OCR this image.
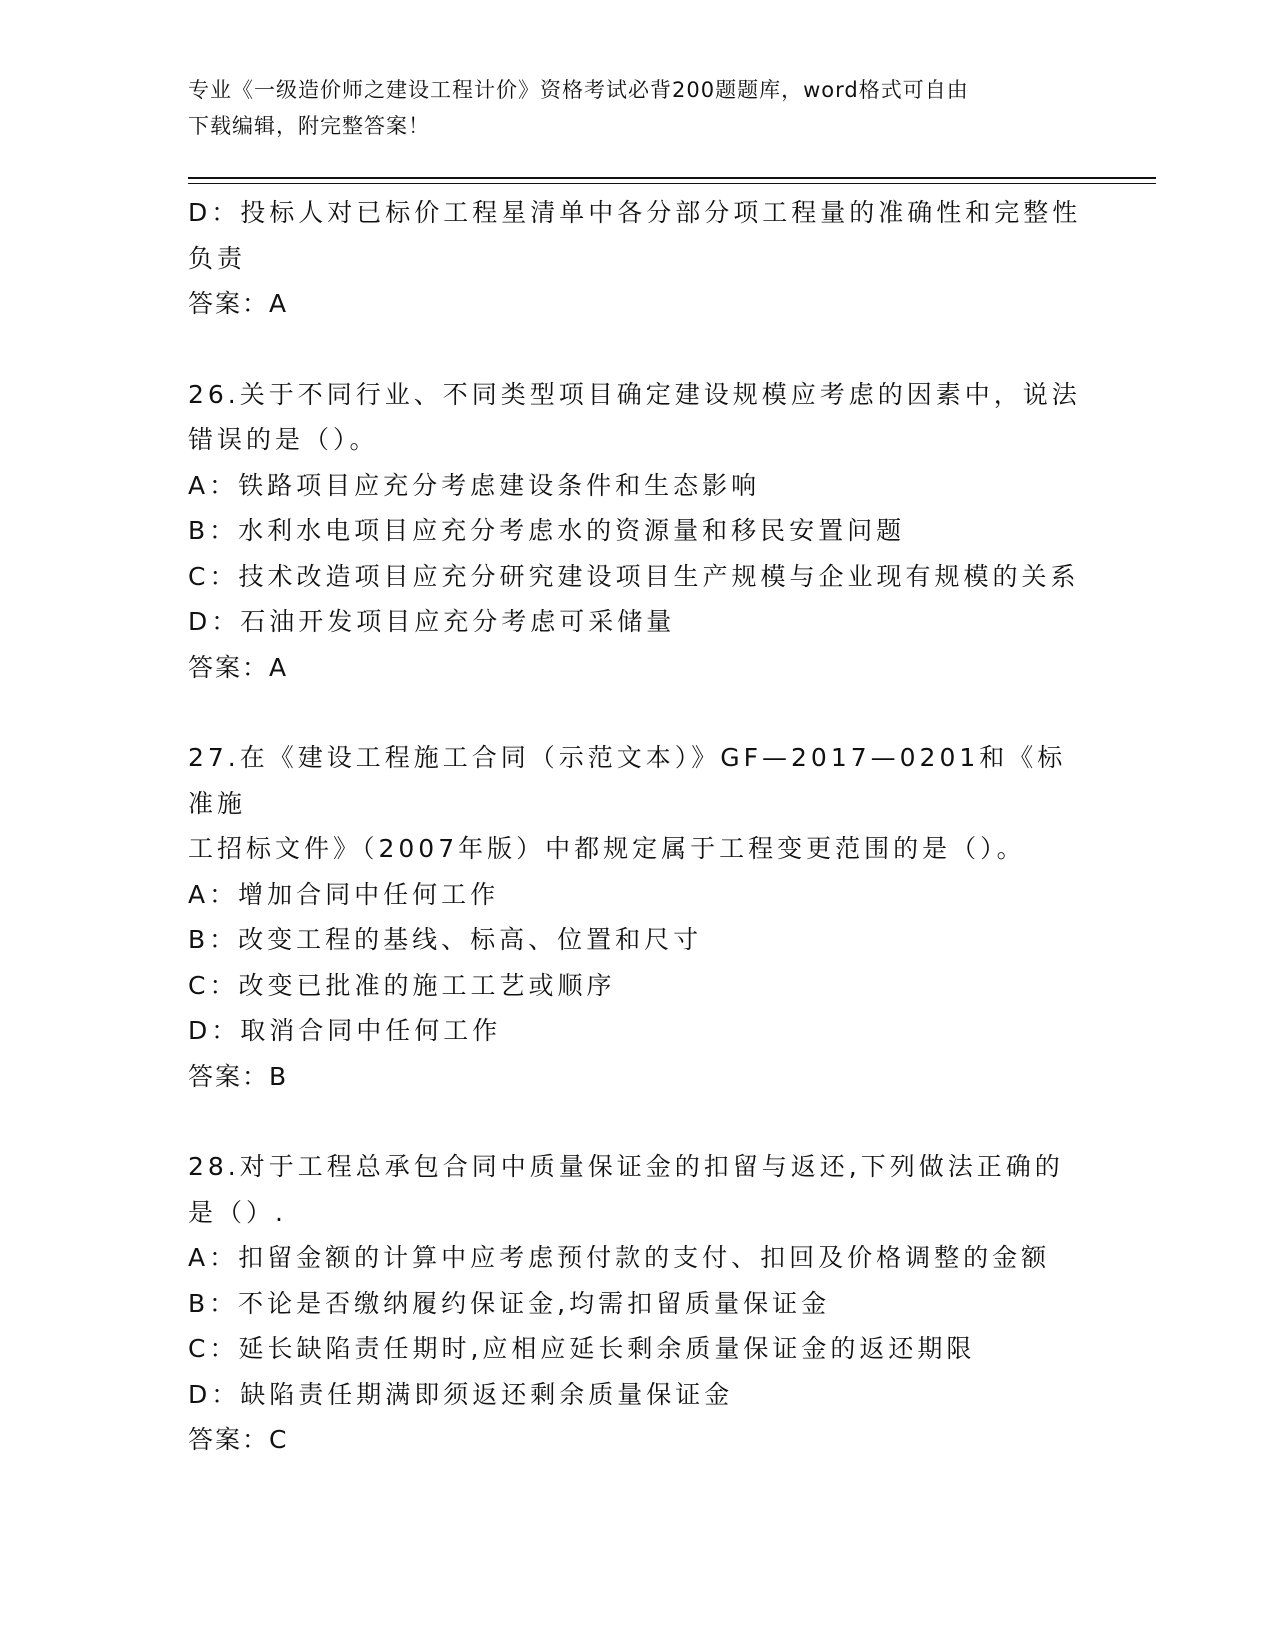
专业《一级造价师之建设工程计价》资格考试必背200题题库，word格式可自由
下载编辑，附完整答案！

D：投标人对已标价工程星清单中各分部分项工程量的准确性和完整性

负责

答案：A

26.关于不同行业、不同类型项目确定建设规模应考虑的因素中，说法

错误的是（）。

A：铁路项目应充分考虑建设条件和生态影响

B：水利水电项目应充分考虑水的资源量和移民安置问题

C：技术改造项目应充分研究建设项目生产规模与企业现有规模的关系

D：石油开发项目应充分考虑可采储量

答案：A

27.在《建设工程施工合同（示范文本）》GF—2017—0201和《标准施

工招标文件》（2007年版）中都规定属于工程变更范围的是（）。

A：增加合同中任何工作

B：改变工程的基线、标高、位置和尺寸

C：改变已批准的施工工艺或顺序

D：取消合同中任何工作

答案：B

28.对于工程总承包合同中质量保证金的扣留与返还,下列做法正确的

是（）.

A：扣留金额的计算中应考虑预付款的支付、扣回及价格调整的金额

B：不论是否缴纳履约保证金,均需扣留质量保证金

C：延长缺陷责任期时,应相应延长剩余质量保证金的返还期限

D：缺陷责任期满即须返还剩余质量保证金

答案：C
